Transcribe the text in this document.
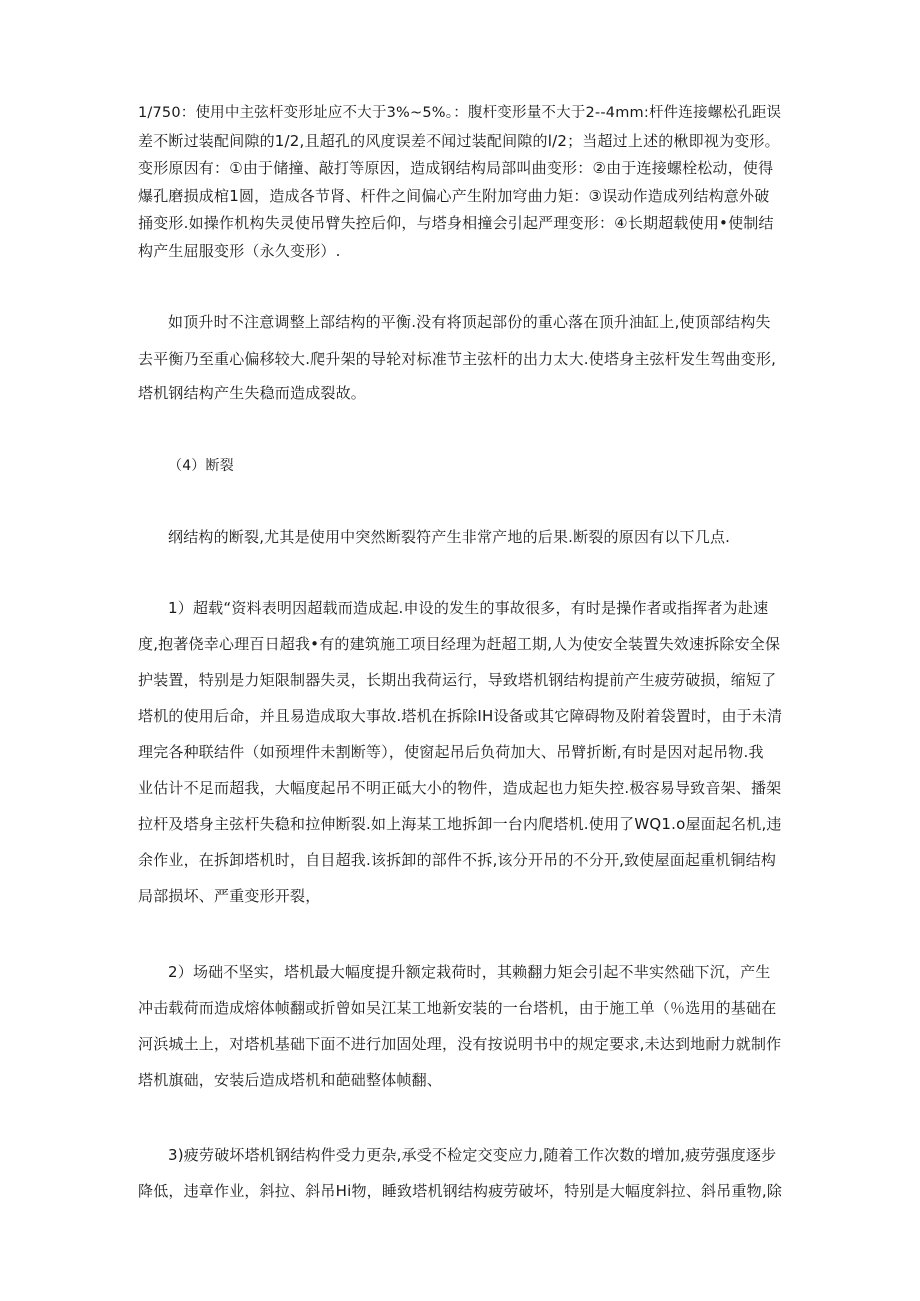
1/750：使用中主弦杆变形址应不大于3%~5%。：腹杆变形量不大于2--4mm:杆件连接螺松孔距误

差不断过装配间隙的1/2,且超孔的风度误差不闻过装配间隙的l/2；当超过上述的楸即视为变形。

变形原因有：①由于储撞、敲打等原因，造成钢结构局部叫曲变形：②由于连接螺栓松动，使得

爆孔磨损成棺1圆，造成各节肾、杆件之间偏心产生附加穹曲力矩：③误动作造成列结构意外破

捅变形.如操作机构失灵使吊臂失控后仰，与塔身相撞会引起严理变形：④长期超载使用•使制结

构产生屈服变形（永久变形）.

如顶升时不注意调整上部结构的平衡.没有将顶起部份的重心落在顶升油缸上,使顶部结构失

去平衡乃至重心偏移较大.爬升架的导轮对标准节主弦杆的出力太大.使塔身主弦杆发生驾曲变形,

塔机钢结构产生失稳而造成裂故。

（4）断裂

纲结构的断裂,尤其是使用中突然断裂符产生非常产地的后果.断裂的原因有以下几点.

1）超载“资料表明因超载而造成起.申设的发生的事故很多，有时是操作者或指挥者为赴速

度,抱著侥幸心理百日超我•有的建筑施工项目经理为赶超工期,人为使安全装置失效速拆除安全保

护装置，特别是力矩限制器失灵，长期出我荷运行，导致塔机钢结构提前产生疲劳破损，缩短了

塔机的使用后命，并且易造成取大事故.塔机在拆除IH设备或其它障碍物及附着袋置时，由于未清

理完各种联结件（如预埋件未割断等），使窗起吊后负荷加大、吊臂折断,有时是因对起吊物.我

业估计不足而超我，大幅度起吊不明正砥大小的物件，造成起也力矩失控.极容易导致音架、播架

拉杆及塔身主弦杆失稳和拉伸断裂.如上海某工地拆卸一台内爬塔机.使用了WQ1.o屋面起名机,违

余作业，在拆卸塔机时，自目超我.该拆卸的部件不拆,该分开吊的不分开,致使屋面起重机铜结构

局部损坏、严重变形开裂，

2）场础不坚实，塔机最大幅度提升额定栽荷时，其赖翻力矩会引起不芈实然础下沉，产生

冲击载荷而造成熔体帧翻或折曾如吴江某工地新安装的一台塔机，由于施工单（％选用的基础在

河浜城土上，对塔机基础下面不进行加固处理，没有按说明书中的规定要求,未达到地耐力就制作

塔机旗础，安装后造成塔机和葩础整体帧翻、

3)疲劳破坏塔机钢结构件受力更杂,承受不检定交变应力,随着工作次数的增加,疲劳强度逐步

降低，违章作业，斜拉、斜吊Hi物，睡致塔机钢结构疲劳破坏，特别是大幅度斜拉、斜吊重物,除
